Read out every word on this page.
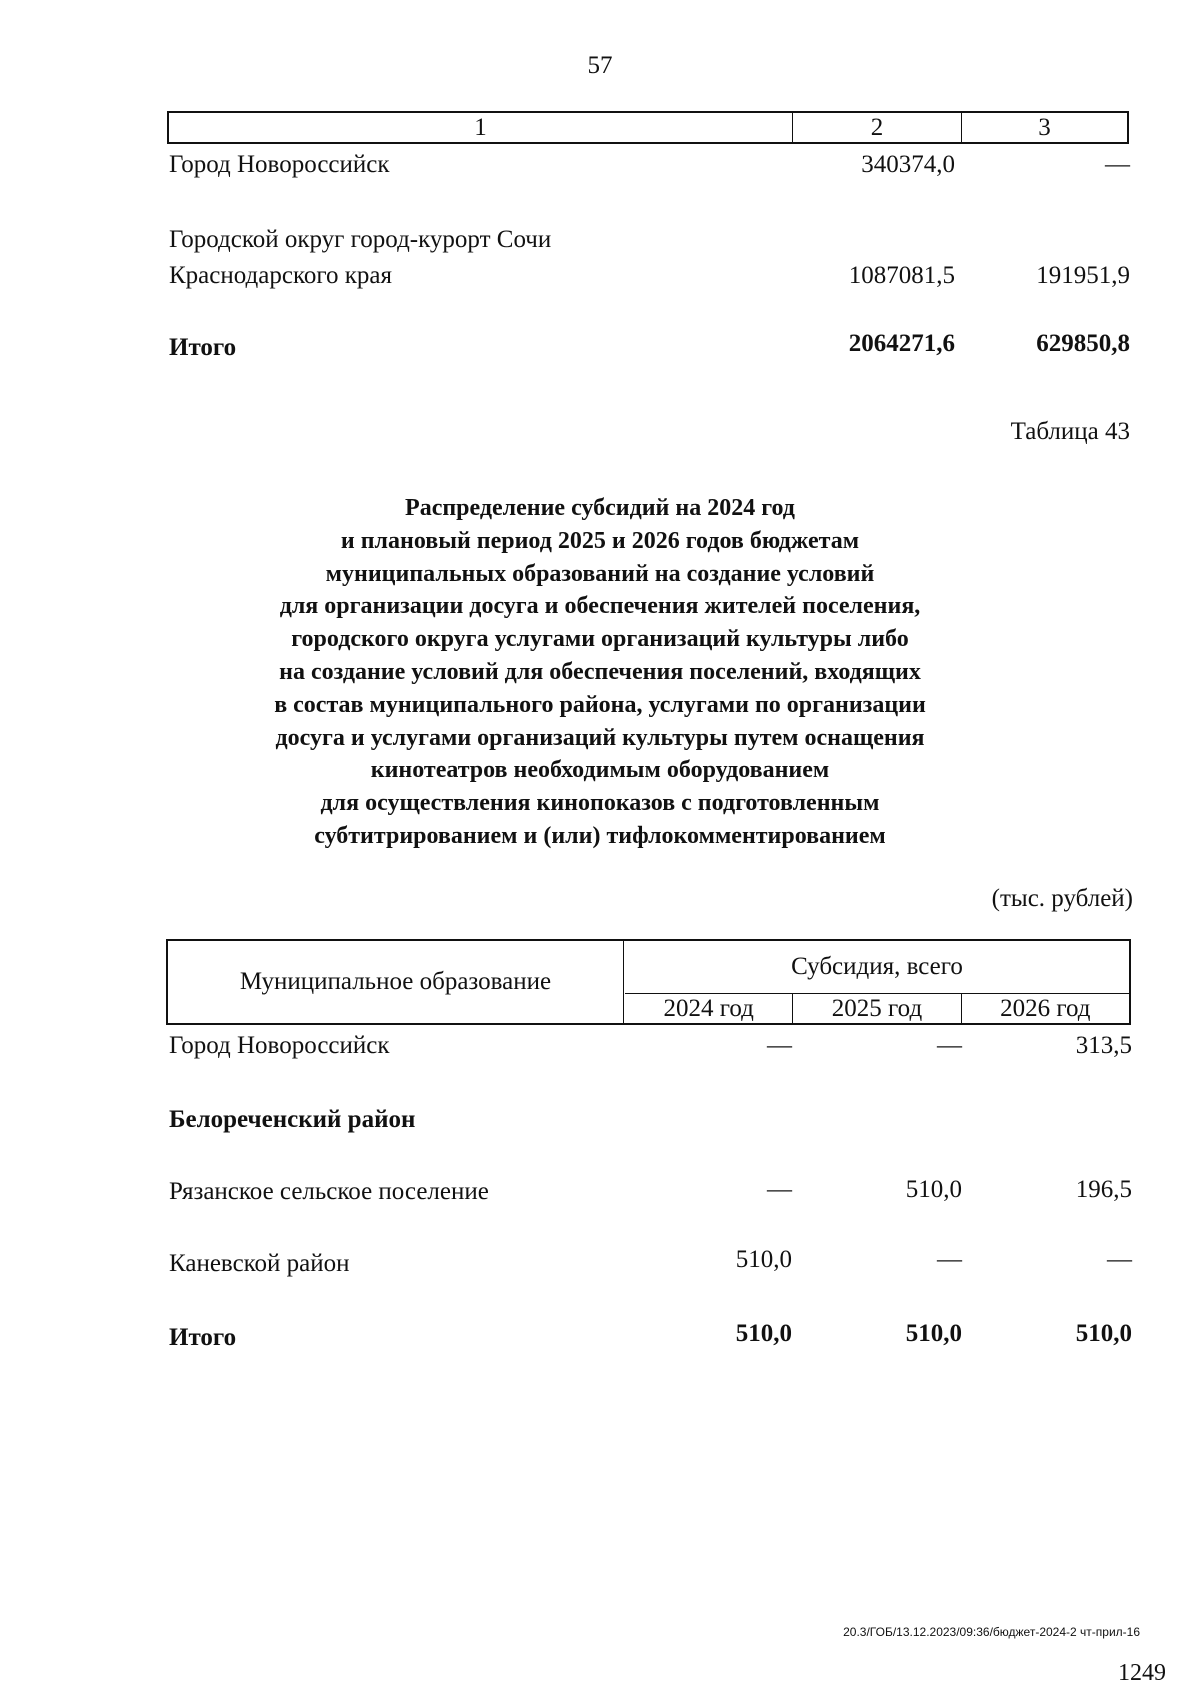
57
1	2	3
Город Новороссийск	340374,0	—
Городской округ город-курорт Сочи
Краснодарского края	1087081,5	191951,9
Итого	2064271,6	629850,8
Таблица 43
Распределение субсидий на 2024 год
и плановый период 2025 и 2026 годов бюджетам
муниципальных образований на создание условий
для организации досуга и обеспечения жителей поселения,
городского округа услугами организаций культуры либо
на создание условий для обеспечения поселений, входящих
в состав муниципального района, услугами по организации
досуга и услугами организаций культуры путем оснащения
кинотеатров необходимым оборудованием
для осуществления кинопоказов с подготовленным
субтитрированием и (или) тифлокомментированием
(тыс. рублей)
Муниципальное образование
Субсидия, всего
2024 год	2025 год	2026 год
Город Новороссийск	—	—	313,5
Белореченский район
Рязанское сельское поселение	—	510,0	196,5
Каневской район	510,0	—	—
Итого	510,0	510,0	510,0
20.3/ГОБ/13.12.2023/09:36/бюджет-2024-2 чт-прил-16
1249
